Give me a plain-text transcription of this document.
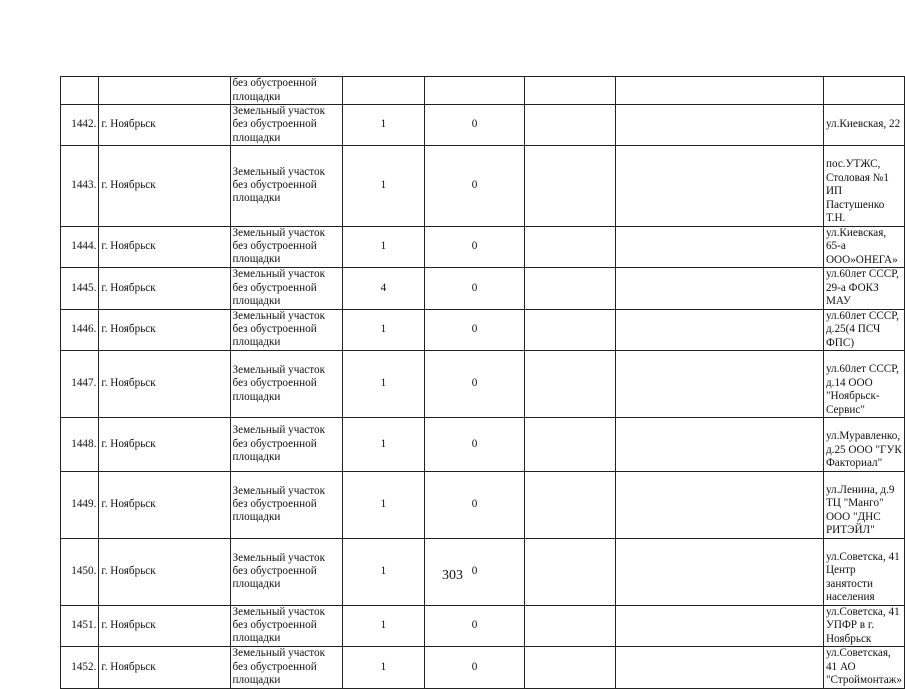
		без обустроенной площадки					
1442.	г. Ноябрьск	Земельный участок без обустроенной площадки	1	0			ул.Киевская, 22
1443.	г. Ноябрьск	Земельный участок без обустроенной площадки	1	0			пос.УТЖС, Столовая №1 ИП Пастушенко Т.Н.
1444.	г. Ноябрьск	Земельный участок без обустроенной площадки	1	0			ул.Киевская, 65-а ООО»ОНЕГА»
1445.	г. Ноябрьск	Земельный участок без обустроенной площадки	4	0			ул.60лет СССР, 29-а ФОКЗ МАУ
1446.	г. Ноябрьск	Земельный участок без обустроенной площадки	1	0			ул.60лет СССР, д.25(4 ПСЧ ФПС)
1447.	г. Ноябрьск	Земельный участок без обустроенной площадки	1	0			ул.60лет СССР, д.14 ООО "Ноябрьск-Сервис"
1448.	г. Ноябрьск	Земельный участок без обустроенной площадки	1	0			ул.Муравленко, д.25 ООО "ГУК Факториал"
1449.	г. Ноябрьск	Земельный участок без обустроенной площадки	1	0			ул.Ленина, д.9 ТЦ "Манго" ООО "ДНС РИТЭЙЛ"
1450.	г. Ноябрьск	Земельный участок без обустроенной площадки	1	0			ул.Советска, 41 Центр занятости населения
1451.	г. Ноябрьск	Земельный участок без обустроенной площадки	1	0			ул.Советска, 41 УПФР в г. Ноябрьск
1452.	г. Ноябрьск	Земельный участок без обустроенной площадки	1	0			ул.Советская, 41 АО "Строймонтаж»
303
